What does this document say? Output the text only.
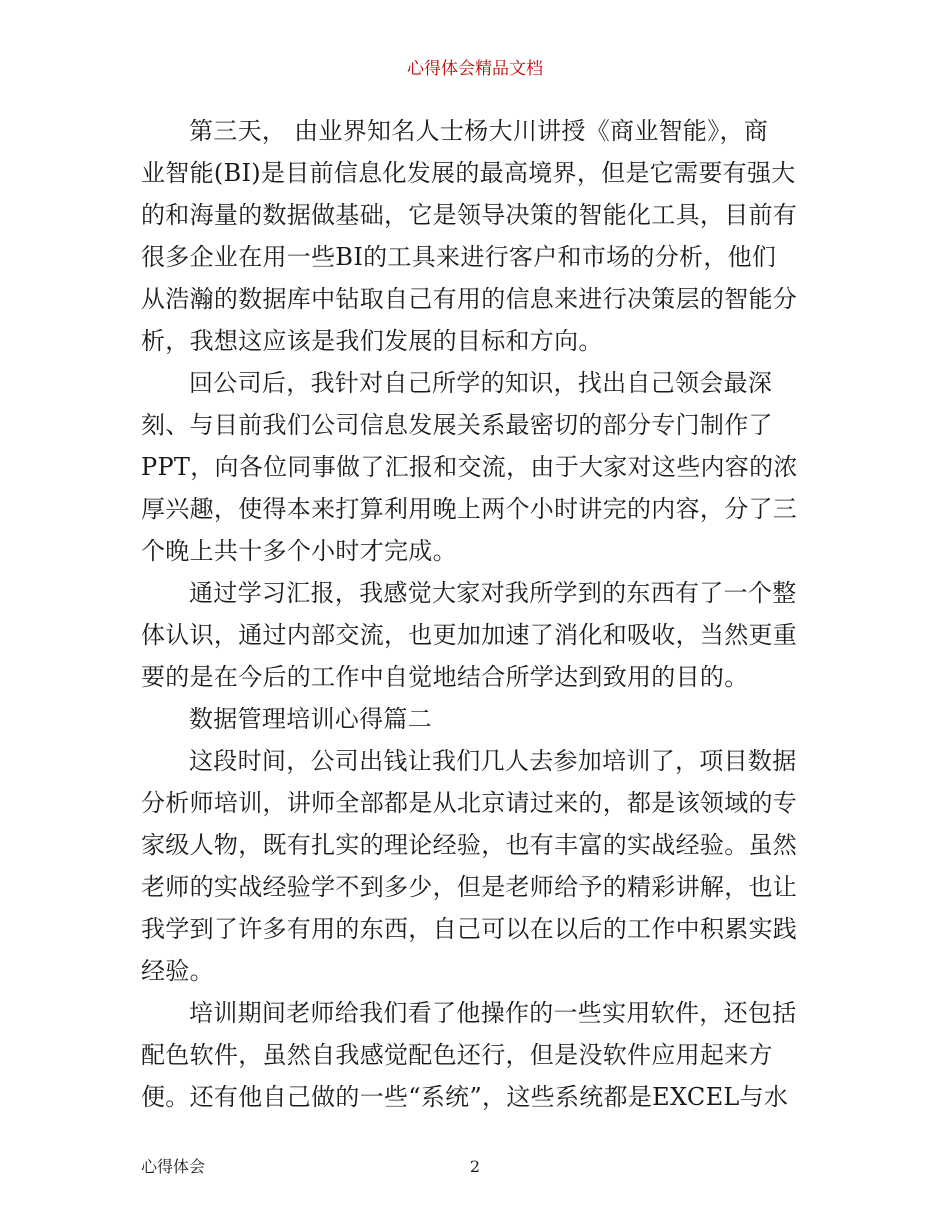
心得体会精品文档

第三天， 由业界知名人士杨大川讲授《商业智能》，商
业智能(BI)是目前信息化发展的最高境界，但是它需要有强大
的和海量的数据做基础，它是领导决策的智能化工具，目前有
很多企业在用一些BI的工具来进行客户和市场的分析，他们
从浩瀚的数据库中钻取自己有用的信息来进行决策层的智能分
析，我想这应该是我们发展的目标和方向。

回公司后，我针对自己所学的知识，找出自己领会最深
刻、与目前我们公司信息发展关系最密切的部分专门制作了
PPT，向各位同事做了汇报和交流，由于大家对这些内容的浓
厚兴趣，使得本来打算利用晚上两个小时讲完的内容，分了三
个晚上共十多个小时才完成。

通过学习汇报，我感觉大家对我所学到的东西有了一个整
体认识，通过内部交流，也更加加速了消化和吸收，当然更重
要的是在今后的工作中自觉地结合所学达到致用的目的。

数据管理培训心得篇二

这段时间，公司出钱让我们几人去参加培训了，项目数据
分析师培训，讲师全部都是从北京请过来的，都是该领域的专
家级人物，既有扎实的理论经验，也有丰富的实战经验。虽然
老师的实战经验学不到多少，但是老师给予的精彩讲解，也让
我学到了许多有用的东西，自己可以在以后的工作中积累实践
经验。

培训期间老师给我们看了他操作的一些实用软件，还包括
配色软件，虽然自我感觉配色还行，但是没软件应用起来方
便。还有他自己做的一些“系统”，这些系统都是EXCEL与水

心得体会	2
